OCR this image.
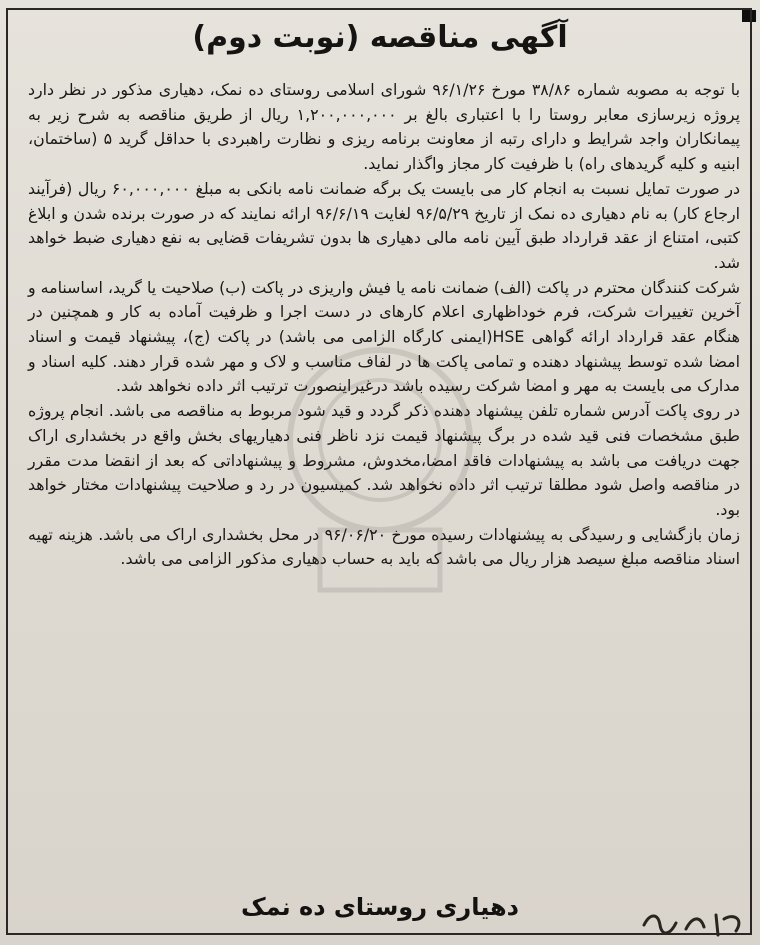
آگهی مناقصه (نوبت دوم)

با توجه به مصوبه شماره ۳۸/۸۶ مورخ ۹۶/۱/۲۶ شورای اسلامی روستای ده نمک، دهیاری مذکور در نظر دارد پروژه زیرسازی معابر روستا را با اعتباری بالغ بر ۱,۲۰۰,۰۰۰,۰۰۰ ریال از طریق مناقصه به شرح زیر به پیمانکاران واجد شرایط و دارای رتبه از معاونت برنامه ریزی و نظارت راهبردی با حداقل گرید ۵ (ساختمان، ابنیه و کلیه گریدهای راه) با ظرفیت کار مجاز واگذار نماید.

در صورت تمایل نسبت به انجام کار می بایست یک برگه ضمانت نامه بانکی به مبلغ ۶۰,۰۰۰,۰۰۰ ریال (فرآیند ارجاع کار) به نام دهیاری ده نمک از تاریخ ۹۶/۵/۲۹ لغایت ۹۶/۶/۱۹ ارائه نمایند که در صورت برنده شدن و ابلاغ کتبی، امتناع از عقد قرارداد طبق آیین نامه مالی دهیاری ها بدون تشریفات قضایی به نفع دهیاری ضبط خواهد شد.

شرکت کنندگان محترم در پاکت (الف) ضمانت نامه یا فیش واریزی در پاکت (ب) صلاحیت یا گرید، اساسنامه و آخرین تغییرات شرکت، فرم خوداظهاری اعلام کارهای در دست اجرا و ظرفیت آماده به کار و همچنین در هنگام عقد قرارداد ارائه گواهی HSE(ایمنی کارگاه الزامی می باشد) در پاکت (ج)، پیشنهاد قیمت و اسناد امضا شده توسط پیشنهاد دهنده و تمامی پاکت ها در لفاف مناسب و لاک و مهر شده قرار دهند. کلیه اسناد و مدارک می بایست به مهر و امضا شرکت رسیده باشد درغیراینصورت ترتیب اثر داده نخواهد شد.

در روی پاکت آدرس شماره تلفن پیشنهاد دهنده ذکر گردد و قید شود مربوط به مناقصه می باشد. انجام پروژه طبق مشخصات فنی قید شده در برگ پیشنهاد قیمت نزد ناظر فنی دهیاریهای بخش واقع در بخشداری اراک جهت دریافت می باشد به پیشنهادات فاقد امضا،مخدوش، مشروط و پیشنهاداتی که بعد از انقضا مدت مقرر در مناقصه واصل شود مطلقا ترتیب اثر داده نخواهد شد. کمیسیون در رد و صلاحیت پیشنهادات مختار خواهد بود.

زمان بازگشایی و رسیدگی به پیشنهادات رسیده مورخ ۹۶/۰۶/۲۰ در محل بخشداری اراک می باشد. هزینه تهیه اسناد مناقصه مبلغ سیصد هزار ریال می باشد که باید به حساب دهیاری مذکور الزامی می باشد.

دهیاری روستای ده نمک
